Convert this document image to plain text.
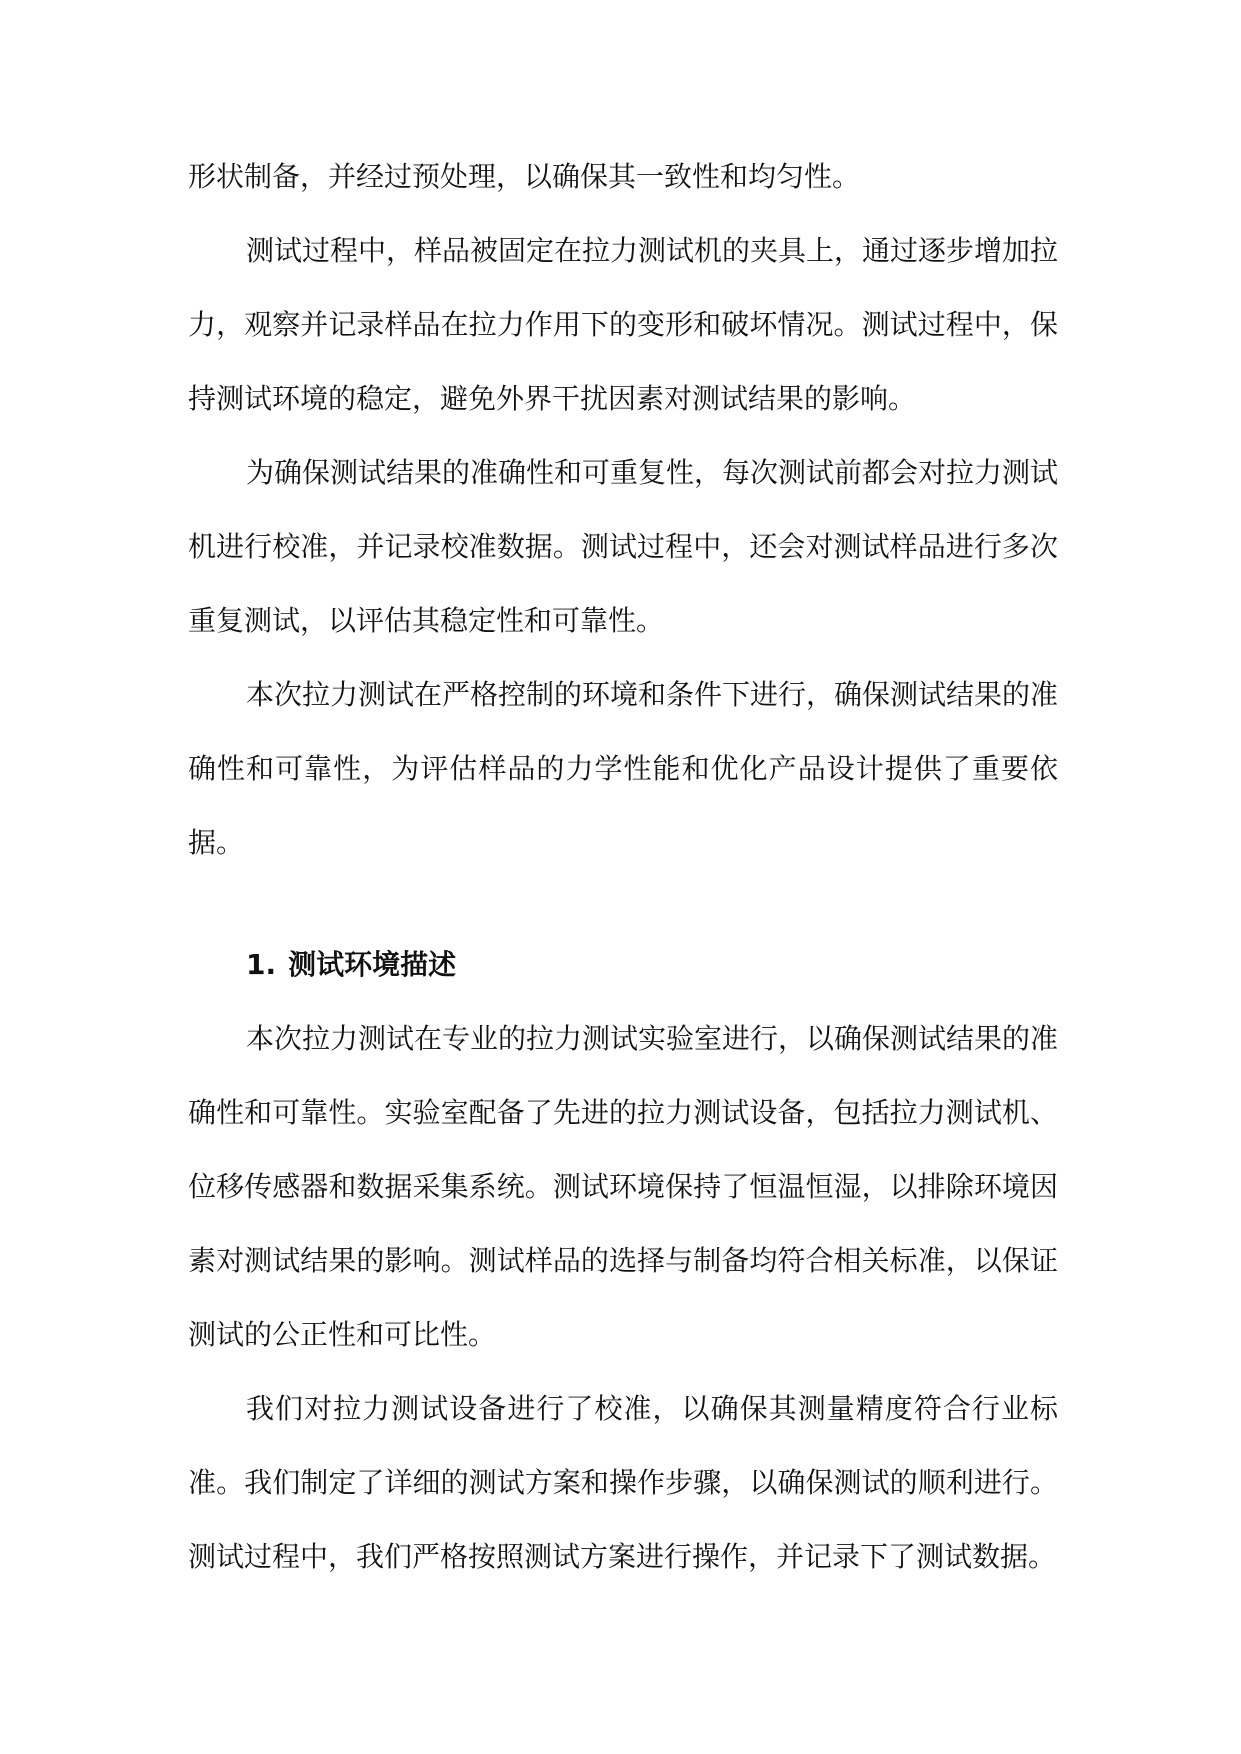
形状制备，并经过预处理，以确保其一致性和均匀性。

测试过程中，样品被固定在拉力测试机的夹具上，通过逐步增加拉力，观察并记录样品在拉力作用下的变形和破坏情况。测试过程中，保持测试环境的稳定，避免外界干扰因素对测试结果的影响。

为确保测试结果的准确性和可重复性，每次测试前都会对拉力测试机进行校准，并记录校准数据。测试过程中，还会对测试样品进行多次重复测试，以评估其稳定性和可靠性。

本次拉力测试在严格控制的环境和条件下进行，确保测试结果的准确性和可靠性，为评估样品的力学性能和优化产品设计提供了重要依据。

1. 测试环境描述

本次拉力测试在专业的拉力测试实验室进行，以确保测试结果的准确性和可靠性。实验室配备了先进的拉力测试设备，包括拉力测试机、位移传感器和数据采集系统。测试环境保持了恒温恒湿，以排除环境因素对测试结果的影响。测试样品的选择与制备均符合相关标准，以保证测试的公正性和可比性。

我们对拉力测试设备进行了校准，以确保其测量精度符合行业标准。我们制定了详细的测试方案和操作步骤，以确保测试的顺利进行。测试过程中，我们严格按照测试方案进行操作，并记录下了测试数据。
